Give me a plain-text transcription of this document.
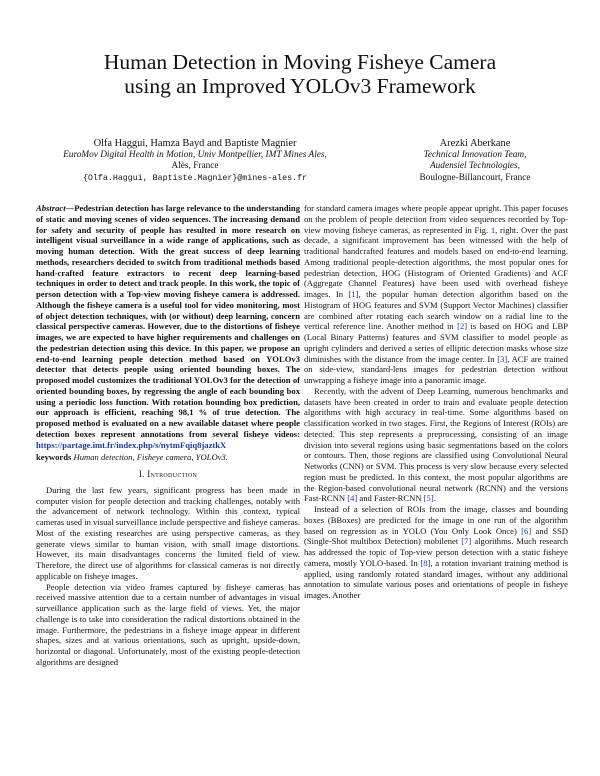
Human Detection in Moving Fisheye Camera
using an Improved YOLOv3 Framework
Olfa Haggui, Hamza Bayd and Baptiste Magnier
EuroMov Digital Health in Motion, Univ Montpellier, IMT Mines Ales,
Alès, France
{Olfa.Haggui, Baptiste.Magnier}@mines-ales.fr
Arezki Aberkane
Technical Innovation Team,
Audensiel Technologies,
Boulogne-Billancourt, France

Abstract—Pedestrian detection has large relevance to the understanding of static and moving scenes of video sequences. The increasing demand for safety and security of people has resulted in more research on intelligent visual surveillance in a wide range of applications, such as moving human detection. With the great success of deep learning methods, researchers decided to switch from traditional methods based hand-crafted feature extractors to recent deep learning-based techniques in order to detect and track people. In this work, the topic of person detection with a Top-view moving fisheye camera is addressed. Although the fisheye camera is a useful tool for video monitoring, most of object detection techniques, with (or without) deep learning, concern classical perspective cameras. However, due to the distortions of fisheye images, we are expected to have higher requirements and challenges on the pedestrian detection using this device. In this paper, we propose an end-to-end learning people detection method based on YOLOv3 detector that detects people using oriented bounding boxes. The proposed model customizes the traditional YOLOv3 for the detection of oriented bounding boxes, by regressing the angle of each bounding box using a periodic loss function. With rotation bounding box prediction, our approach is efficient, reaching 98,1 % of true detection. The proposed method is evaluated on a new available dataset where people detection boxes represent annotations from several fisheye videos: https://partage.imt.fr/index.php/s/nytmFqiq8jaztkX

keywords Human detection, Fisheye camera, YOLOv3.

I. Introduction

During the last few years, significant progress has been made in computer vision for people detection and tracking challenges, notably with the advancement of network technology. Within this context, typical cameras used in visual surveillance include perspective and fisheye cameras. Most of the existing researches are using perspective cameras, as they generate views similar to human vision, with small image distortions. However, its main disadvantages concerns the limited field of view. Therefore, the direct use of algorithms for classical cameras is not directly applicable on fisheye images.

People detection via video frames captured by fisheye cameras has received massive attention due to a certain number of advantages in visual surveillance application such as the large field of views. Yet, the major challenge is to take into consideration the radical distortions obtained in the image. Furthermore, the pedestrians in a fisheye image appear in different shapes, sizes and at various orientations, such as upright, upside-down, horizontal or diagonal. Unfortunately, most of the existing people-detection algorithms are designed

for standard camera images where people appear upright. This paper focuses on the problem of people detection from video sequences recorded by Top-view moving fisheye cameras, as represented in Fig. 1, right. Over the past decade, a significant improvement has been witnessed with the help of traditional handcrafted features and models based on end-to-end learning. Among traditional people-detection algorithms, the most popular ones for pedestrian detection, HOG (Histogram of Oriented Gradients) and ACF (Aggregate Channel Features) have been used with overhead fisheye images. In [1], the popular human detection algorithm based on the Histogram of HOG features and SVM (Support Vector Machines) classifier are combined after rotating each search window on a radial line to the vertical reference line. Another method in [2] is based on HOG and LBP (Local Binary Patterns) features and SVM classifier to model people as upright cylinders and derived a series of elliptic detection masks whose size diminishes with the distance from the image center. In [3], ACF are trained on side-view, standard-lens images for pedestrian detection without unwrapping a fisheye image into a panoramic image.

Recently, with the advent of Deep Learning, numerous benchmarks and datasets have been created in order to train and evaluate people detection algorithms with high accuracy in real-time. Some algorithms based on classification worked in two stages. First, the Regions of Interest (ROIs) are detected. This step represents a preprocessing, consisting of an image division into several regions using basic segmentations based on the colors or contours. Then, those regions are classified using Convolutional Neural Networks (CNN) or SVM. This process is very slow because every selected region must be predicted. In this context, the most popular algorithms are the Region-based convolutional neural network (RCNN) and the versions Fast-RCNN [4] and Faster-RCNN [5].

Instead of a selection of ROIs from the image, classes and bounding boxes (BBoxes) are predicted for the image in one run of the algorithm based on regression as in YOLO (You Only Look Once) [6] and SSD (Single-Shot multibox Detection) mobilenet [7] algorithms. Much research has addressed the topic of Top-view person detection with a static fisheye camera, mostly YOLO-based. In [8], a rotation invariant training method is applied, using randomly rotated standard images, without any additional annotation to simulate various poses and orientations of people in fisheye images. Another
